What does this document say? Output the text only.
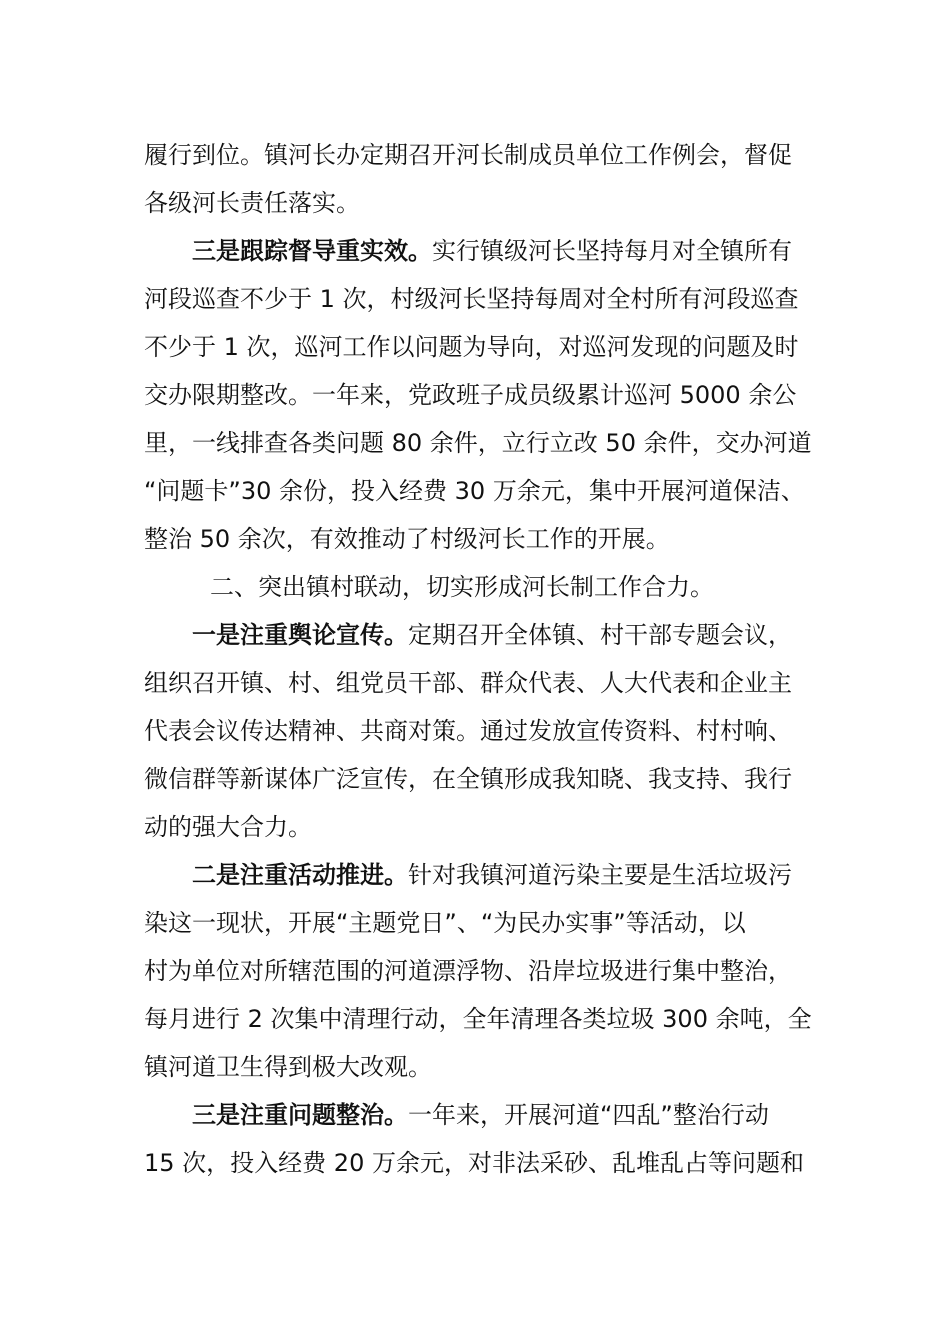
履行到位。镇河长办定期召开河长制成员单位工作例会，督促
各级河长责任落实。
三是跟踪督导重实效。实行镇级河长坚持每月对全镇所有
河段巡查不少于 1 次，村级河长坚持每周对全村所有河段巡查
不少于 1 次，巡河工作以问题为导向，对巡河发现的问题及时
交办限期整改。一年来，党政班子成员级累计巡河 5000 余公
里，一线排查各类问题 80 余件，立行立改 50 余件，交办河道
“问题卡”30 余份，投入经费 30 万余元，集中开展河道保洁、
整治 50 余次，有效推动了村级河长工作的开展。
二、突出镇村联动，切实形成河长制工作合力。
一是注重舆论宣传。定期召开全体镇、村干部专题会议，
组织召开镇、村、组党员干部、群众代表、人大代表和企业主
代表会议传达精神、共商对策。通过发放宣传资料、村村响、
微信群等新谋体广泛宣传，在全镇形成我知晓、我支持、我行
动的强大合力。
二是注重活动推进。针对我镇河道污染主要是生活垃圾污
染这一现状，开展“主题党日”、“为民办实事”等活动，以
村为单位对所辖范围的河道漂浮物、沿岸垃圾进行集中整治，
每月进行 2 次集中清理行动，全年清理各类垃圾 300 余吨，全
镇河道卫生得到极大改观。
三是注重问题整治。一年来，开展河道“四乱”整治行动
15 次，投入经费 20 万余元，对非法采砂、乱堆乱占等问题和
